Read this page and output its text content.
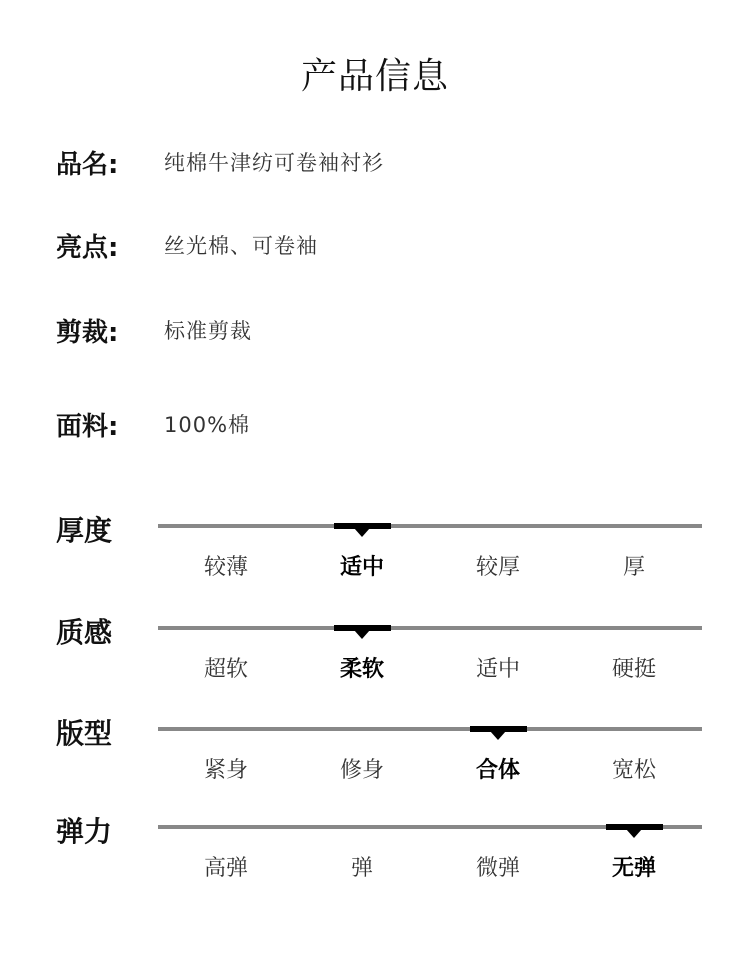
产品信息
品名:	纯棉牛津纺可卷袖衬衫
亮点:	丝光棉、可卷袖
剪裁:	标准剪裁
面料:	100%棉
厚度
较薄	适中	较厚	厚
质感
超软	柔软	适中	硬挺
版型
紧身	修身	合体	宽松
弹力
高弹	弹	微弹	无弹
